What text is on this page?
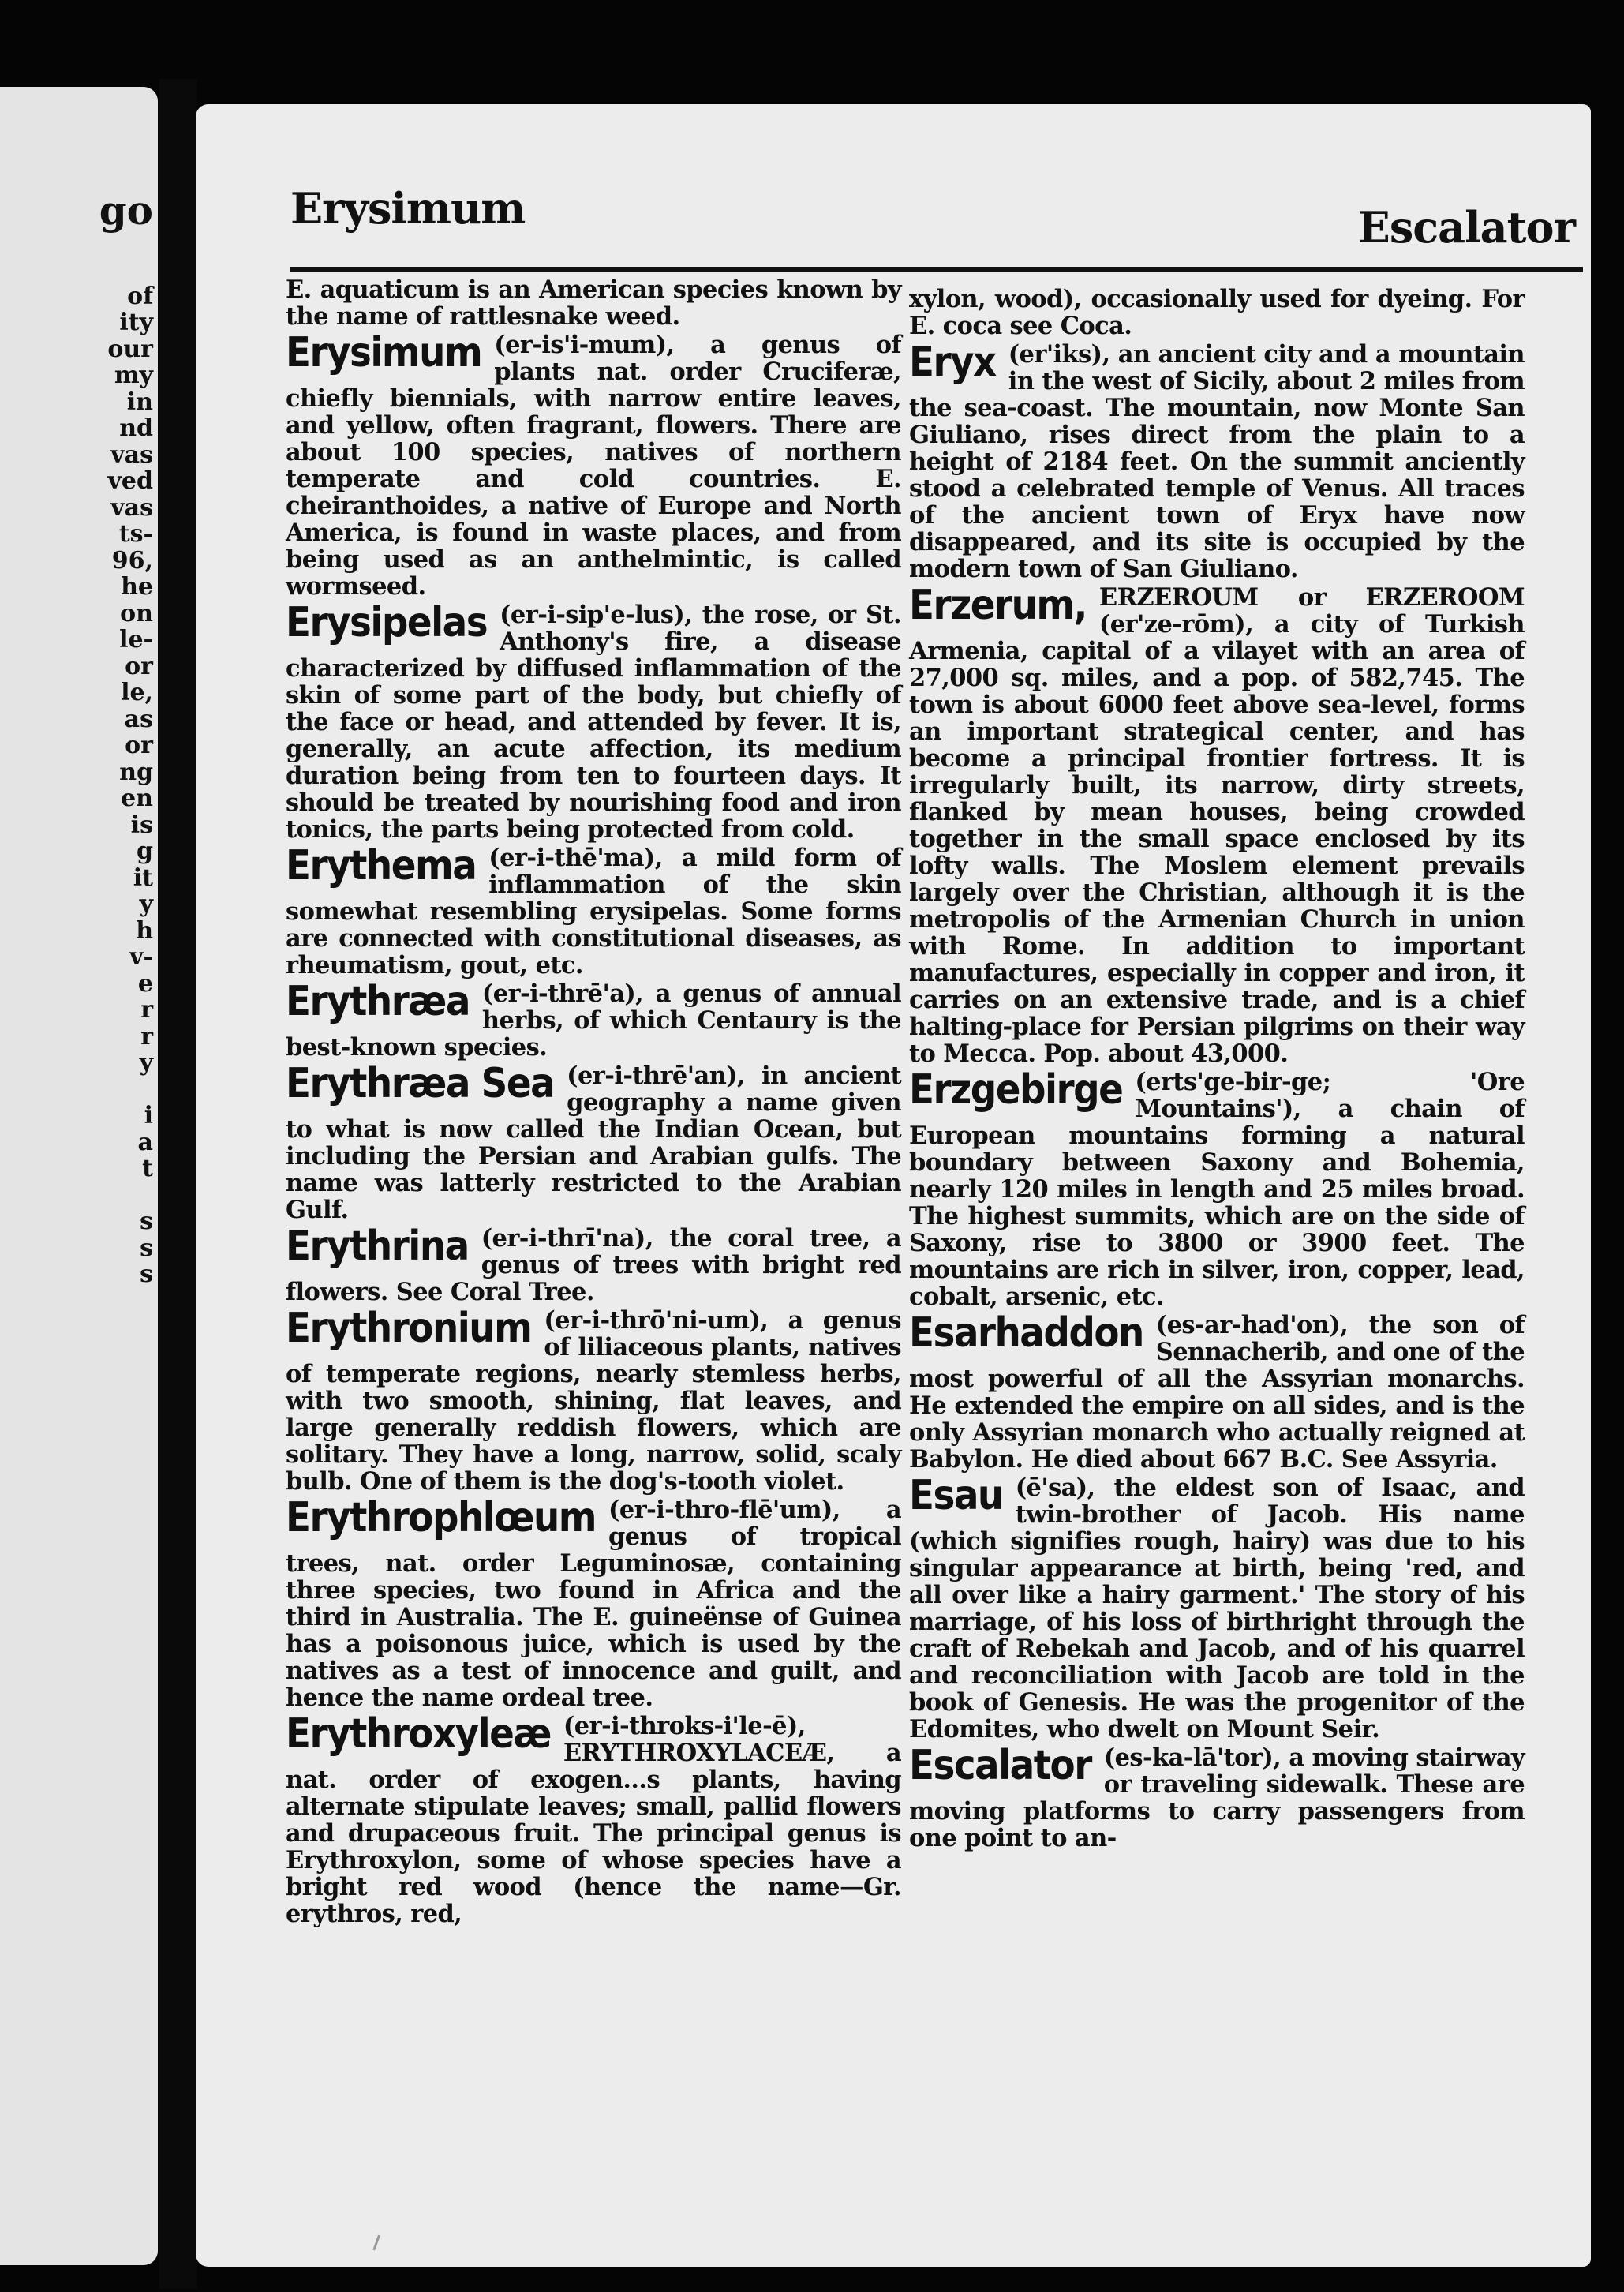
go
of
ity
our
my
in
nd
vas
ved
vas
ts-
96,
he
on
le-
or
le,
as
or
ng
en
is
g
it
y
h
v-
e
r
r
y
i
a
t
s
s
s
Erysimum	Escalator
E. aquaticum is an American species known by the name of rattlesnake weed.
Erysimum (er-is'i-mum), a genus of plants nat. order Cruciferæ, chiefly biennials, with narrow entire leaves, and yellow, often fragrant, flowers. There are about 100 species, natives of northern temperate and cold countries. E. cheiranthoides, a native of Europe and North America, is found in waste places, and from being used as an anthelmintic, is called wormseed.
Erysipelas (er-i-sip'e-lus), the rose, or St. Anthony's fire, a disease characterized by diffused inflammation of the skin of some part of the body, but chiefly of the face or head, and attended by fever. It is, generally, an acute affection, its medium duration being from ten to fourteen days. It should be treated by nourishing food and iron tonics, the parts being protected from cold.
Erythema (er-i-thē'ma), a mild form of inflammation of the skin somewhat resembling erysipelas. Some forms are connected with constitutional diseases, as rheumatism, gout, etc.
Erythræa (er-i-thrē'a), a genus of annual herbs, of which Centaury is the best-known species.
Erythræa Sea (er-i-thrē'an), in ancient geography a name given to what is now called the Indian Ocean, but including the Persian and Arabian gulfs. The name was latterly restricted to the Arabian Gulf.
Erythrina (er-i-thrī'na), the coral tree, a genus of trees with bright red flowers. See Coral Tree.
Erythronium (er-i-thrō'ni-um), a genus of liliaceous plants, natives of temperate regions, nearly stemless herbs, with two smooth, shining, flat leaves, and large generally reddish flowers, which are solitary. They have a long, narrow, solid, scaly bulb. One of them is the dog's-tooth violet.
Erythrophlœum (er-i-thro-flē'um), a genus of tropical trees, nat. order Leguminosæ, containing three species, two found in Africa and the third in Australia. The E. guineënse of Guinea has a poisonous juice, which is used by the natives as a test of innocence and guilt, and hence the name ordeal tree.
Erythroxyleæ (er-i-throks-i'le-ē), ERYTHROXYLACEÆ, a nat. order of exogen...s plants, having alternate stipulate leaves; small, pallid flowers and drupaceous fruit. The principal genus is Erythroxylon, some of whose species have a bright red wood (hence the name—Gr. erythros, red,
xylon, wood), occasionally used for dyeing. For E. coca see Coca.
Eryx (er'iks), an ancient city and a mountain in the west of Sicily, about 2 miles from the sea-coast. The mountain, now Monte San Giuliano, rises direct from the plain to a height of 2184 feet. On the summit anciently stood a celebrated temple of Venus. All traces of the ancient town of Eryx have now disappeared, and its site is occupied by the modern town of San Giuliano.
Erzerum, ERZEROUM or ERZEROOM (er'ze-rōm), a city of Turkish Armenia, capital of a vilayet with an area of 27,000 sq. miles, and a pop. of 582,745. The town is about 6000 feet above sea-level, forms an important strategical center, and has become a principal frontier fortress. It is irregularly built, its narrow, dirty streets, flanked by mean houses, being crowded together in the small space enclosed by its lofty walls. The Moslem element prevails largely over the Christian, although it is the metropolis of the Armenian Church in union with Rome. In addition to important manufactures, especially in copper and iron, it carries on an extensive trade, and is a chief halting-place for Persian pilgrims on their way to Mecca. Pop. about 43,000.
Erzgebirge (erts'ge-bir-ge; 'Ore Mountains'), a chain of European mountains forming a natural boundary between Saxony and Bohemia, nearly 120 miles in length and 25 miles broad. The highest summits, which are on the side of Saxony, rise to 3800 or 3900 feet. The mountains are rich in silver, iron, copper, lead, cobalt, arsenic, etc.
Esarhaddon (es-ar-had'on), the son of Sennacherib, and one of the most powerful of all the Assyrian monarchs. He extended the empire on all sides, and is the only Assyrian monarch who actually reigned at Babylon. He died about 667 B.C. See Assyria.
Esau (ē'sa), the eldest son of Isaac, and twin-brother of Jacob. His name (which signifies rough, hairy) was due to his singular appearance at birth, being 'red, and all over like a hairy garment.' The story of his marriage, of his loss of birthright through the craft of Rebekah and Jacob, and of his quarrel and reconciliation with Jacob are told in the book of Genesis. He was the progenitor of the Edomites, who dwelt on Mount Seir.
Escalator (es-ka-lā'tor), a moving stairway or traveling sidewalk. These are moving platforms to carry passengers from one point to an-
